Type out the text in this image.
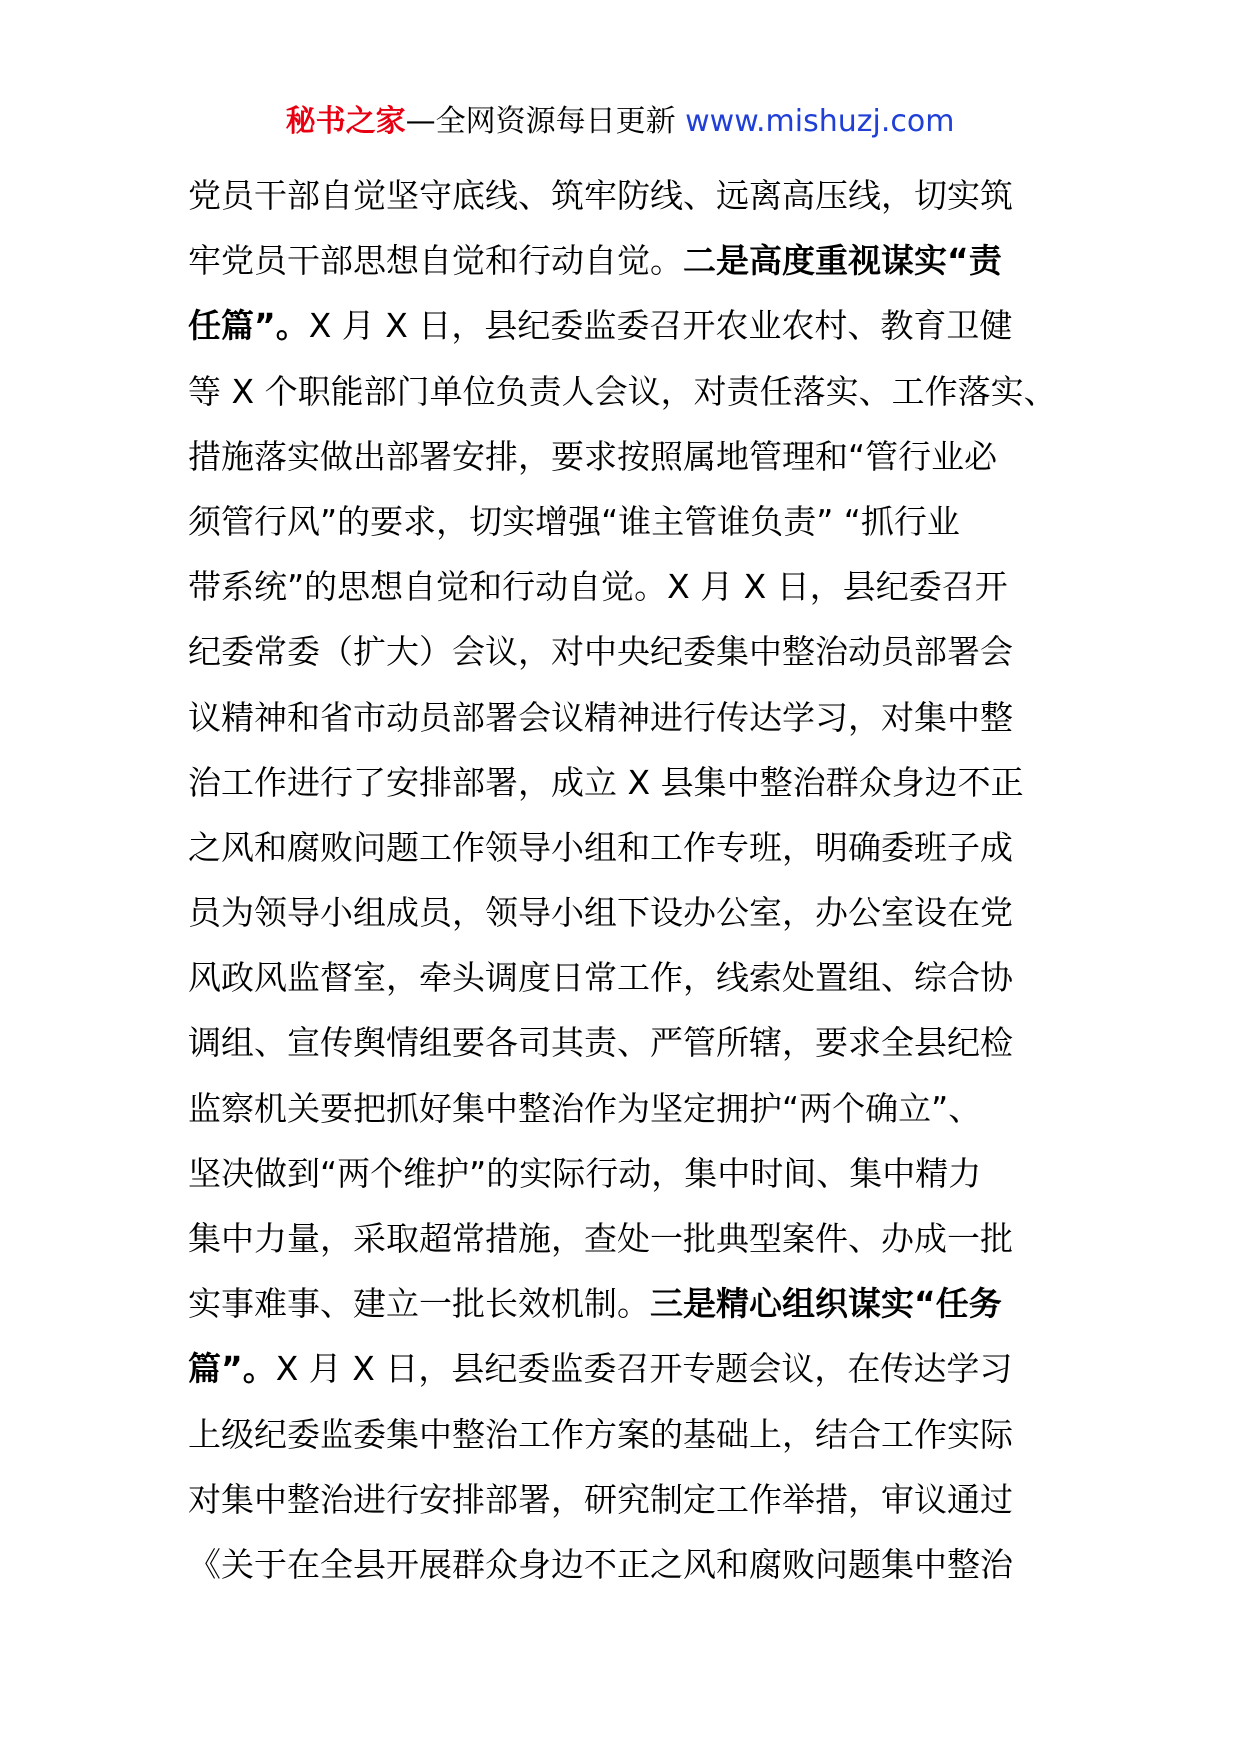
秘书之家—全网资源每日更新 www.mishuzj.com
党员干部自觉坚守底线、筑牢防线、远离高压线，切实筑
牢党员干部思想自觉和行动自觉。二是高度重视谋实“责
任篇”。X 月 X 日，县纪委监委召开农业农村、教育卫健
等 X 个职能部门单位负责人会议，对责任落实、工作落实、
措施落实做出部署安排，要求按照属地管理和“管行业必
须管行风”的要求，切实增强“谁主管谁负责” “抓行业
带系统”的思想自觉和行动自觉。X 月 X 日，县纪委召开
纪委常委（扩大）会议，对中央纪委集中整治动员部署会
议精神和省市动员部署会议精神进行传达学习，对集中整
治工作进行了安排部署，成立 X 县集中整治群众身边不正
之风和腐败问题工作领导小组和工作专班，明确委班子成
员为领导小组成员，领导小组下设办公室，办公室设在党
风政风监督室，牵头调度日常工作，线索处置组、综合协
调组、宣传舆情组要各司其责、严管所辖，要求全县纪检
监察机关要把抓好集中整治作为坚定拥护“两个确立”、
坚决做到“两个维护”的实际行动，集中时间、集中精力
集中力量，采取超常措施，查处一批典型案件、办成一批
实事难事、建立一批长效机制。三是精心组织谋实“任务
篇”。X 月 X 日，县纪委监委召开专题会议，在传达学习
上级纪委监委集中整治工作方案的基础上，结合工作实际
对集中整治进行安排部署，研究制定工作举措，审议通过
《关于在全县开展群众身边不正之风和腐败问题集中整治
